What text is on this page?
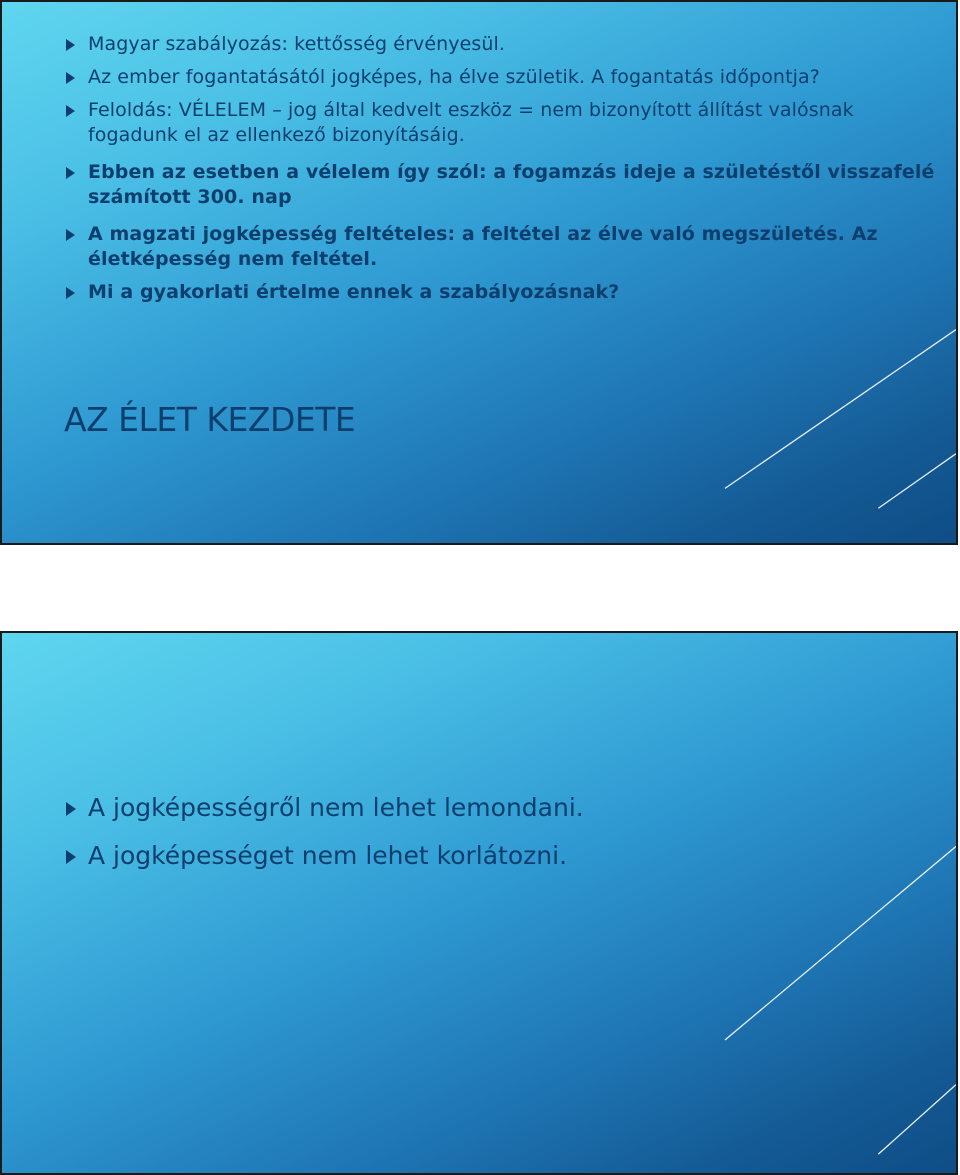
Magyar szabályozás: kettősség érvényesül.
Az ember fogantatásától jogképes, ha élve születik. A fogantatás időpontja?
Feloldás: VÉLELEM – jog által kedvelt eszköz = nem bizonyított állítást valósnak fogadunk el az ellenkező bizonyításáig.
Ebben az esetben a vélelem így szól: a fogamzás ideje a születéstől visszafelé számított 300. nap
A magzati jogképesség feltételes: a feltétel az élve való megszületés. Az életképesség nem feltétel.
Mi a gyakorlati értelme ennek a szabályozásnak?
AZ ÉLET KEZDETE
A jogképességről nem lehet lemondani.
A jogképességet nem lehet korlátozni.
